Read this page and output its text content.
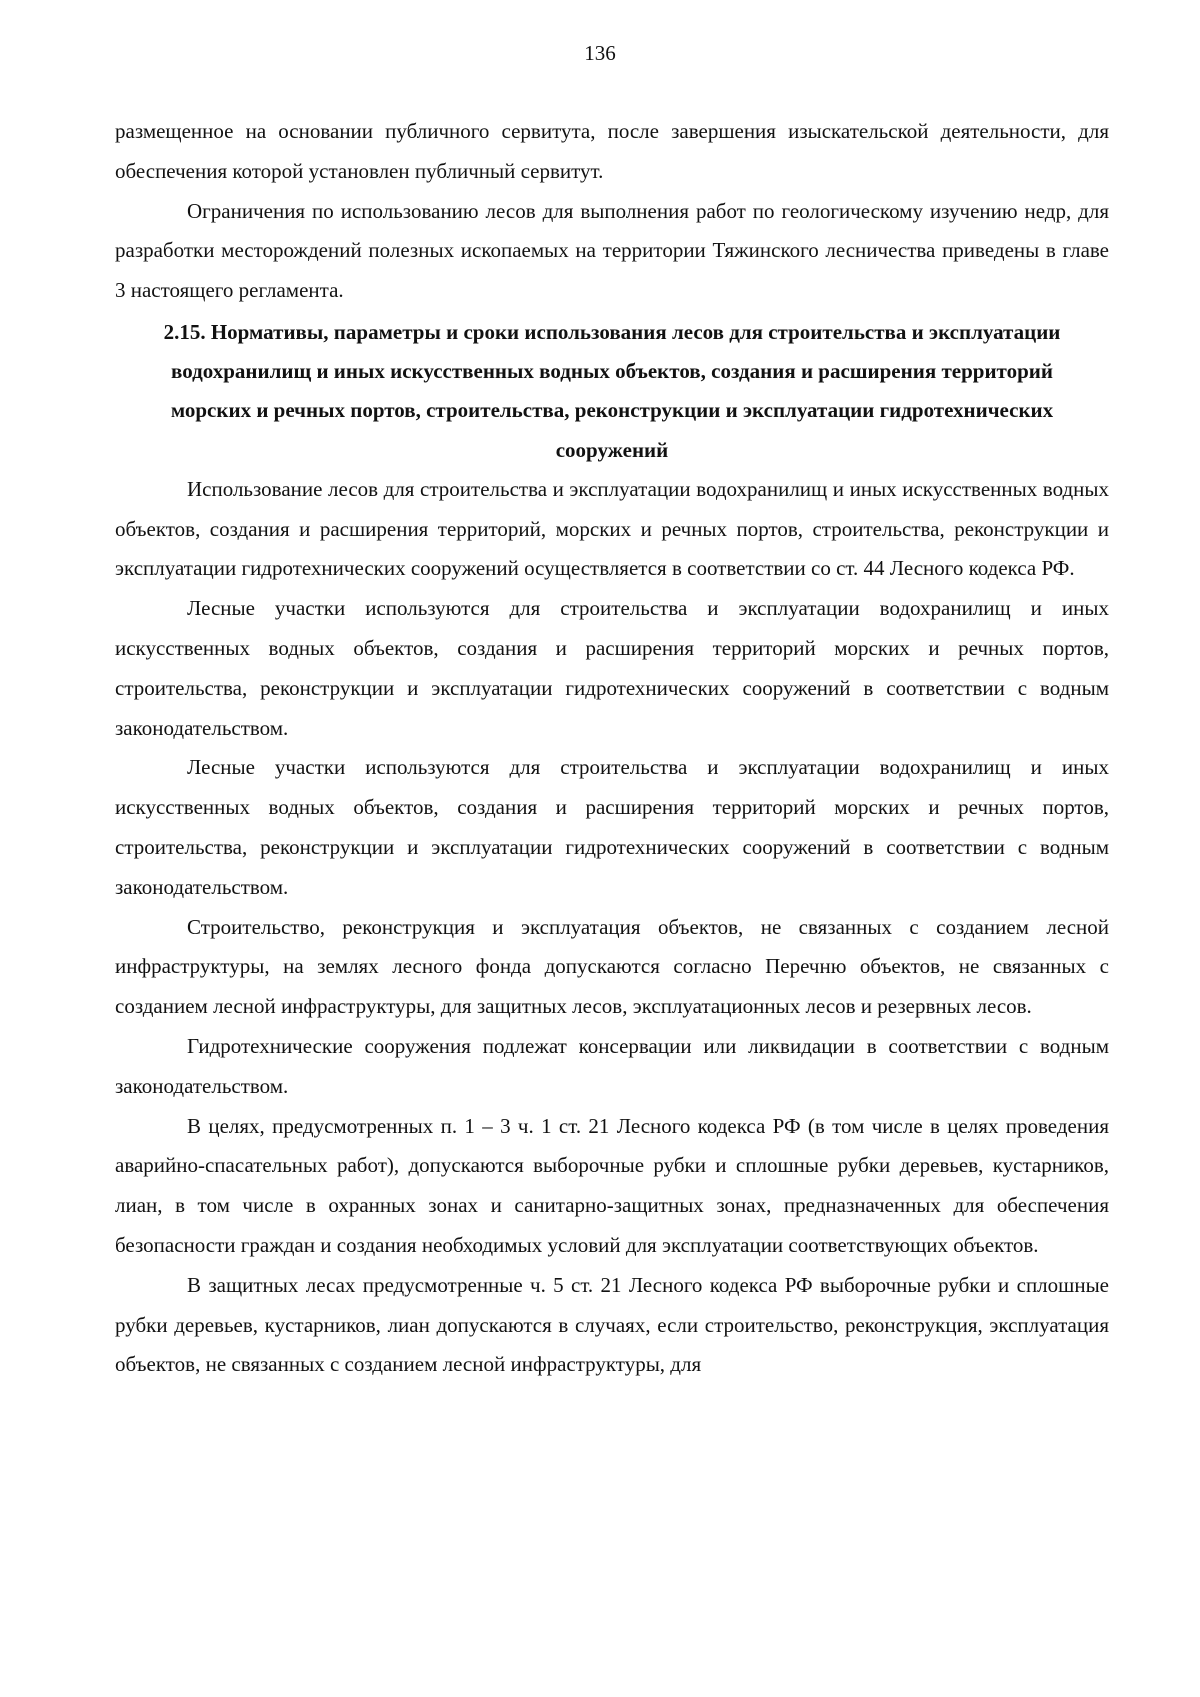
136

размещенное на основании публичного сервитута, после завершения изыскательской деятельности, для обеспечения которой установлен публичный сервитут.

Ограничения по использованию лесов для выполнения работ по геологическому изучению недр, для разработки месторождений полезных ископаемых на территории Тяжинского лесничества приведены в главе 3 настоящего регламента.

2.15. Нормативы, параметры и сроки использования лесов для строительства и эксплуатации водохранилищ и иных искусственных водных объектов, создания и расширения территорий морских и речных портов, строительства, реконструкции и эксплуатации гидротехнических сооружений

Использование лесов для строительства и эксплуатации водохранилищ и иных искусственных водных объектов, создания и расширения территорий, морских и речных портов, строительства, реконструкции и эксплуатации гидротехнических сооружений осуществляется в соответствии со ст. 44 Лесного кодекса РФ.

Лесные участки используются для строительства и эксплуатации водохранилищ и иных искусственных водных объектов, создания и расширения территорий морских и речных портов, строительства, реконструкции и эксплуатации гидротехнических сооружений в соответствии с водным законодательством.

Лесные участки используются для строительства и эксплуатации водохранилищ и иных искусственных водных объектов, создания и расширения территорий морских и речных портов, строительства, реконструкции и эксплуатации гидротехнических сооружений в соответствии с водным законодательством.

Строительство, реконструкция и эксплуатация объектов, не связанных с созданием лесной инфраструктуры, на землях лесного фонда допускаются согласно Перечню объектов, не связанных с созданием лесной инфраструктуры, для защитных лесов, эксплуатационных лесов и резервных лесов.

Гидротехнические сооружения подлежат консервации или ликвидации в соответствии с водным законодательством.

В целях, предусмотренных п. 1 – 3 ч. 1 ст. 21 Лесного кодекса РФ (в том числе в целях проведения аварийно-спасательных работ), допускаются выборочные рубки и сплошные рубки деревьев, кустарников, лиан, в том числе в охранных зонах и санитарно-защитных зонах, предназначенных для обеспечения безопасности граждан и создания необходимых условий для эксплуатации соответствующих объектов.

В защитных лесах предусмотренные ч. 5 ст. 21 Лесного кодекса РФ выборочные рубки и сплошные рубки деревьев, кустарников, лиан допускаются в случаях, если строительство, реконструкция, эксплуатация объектов, не связанных с созданием лесной инфраструктуры, для
